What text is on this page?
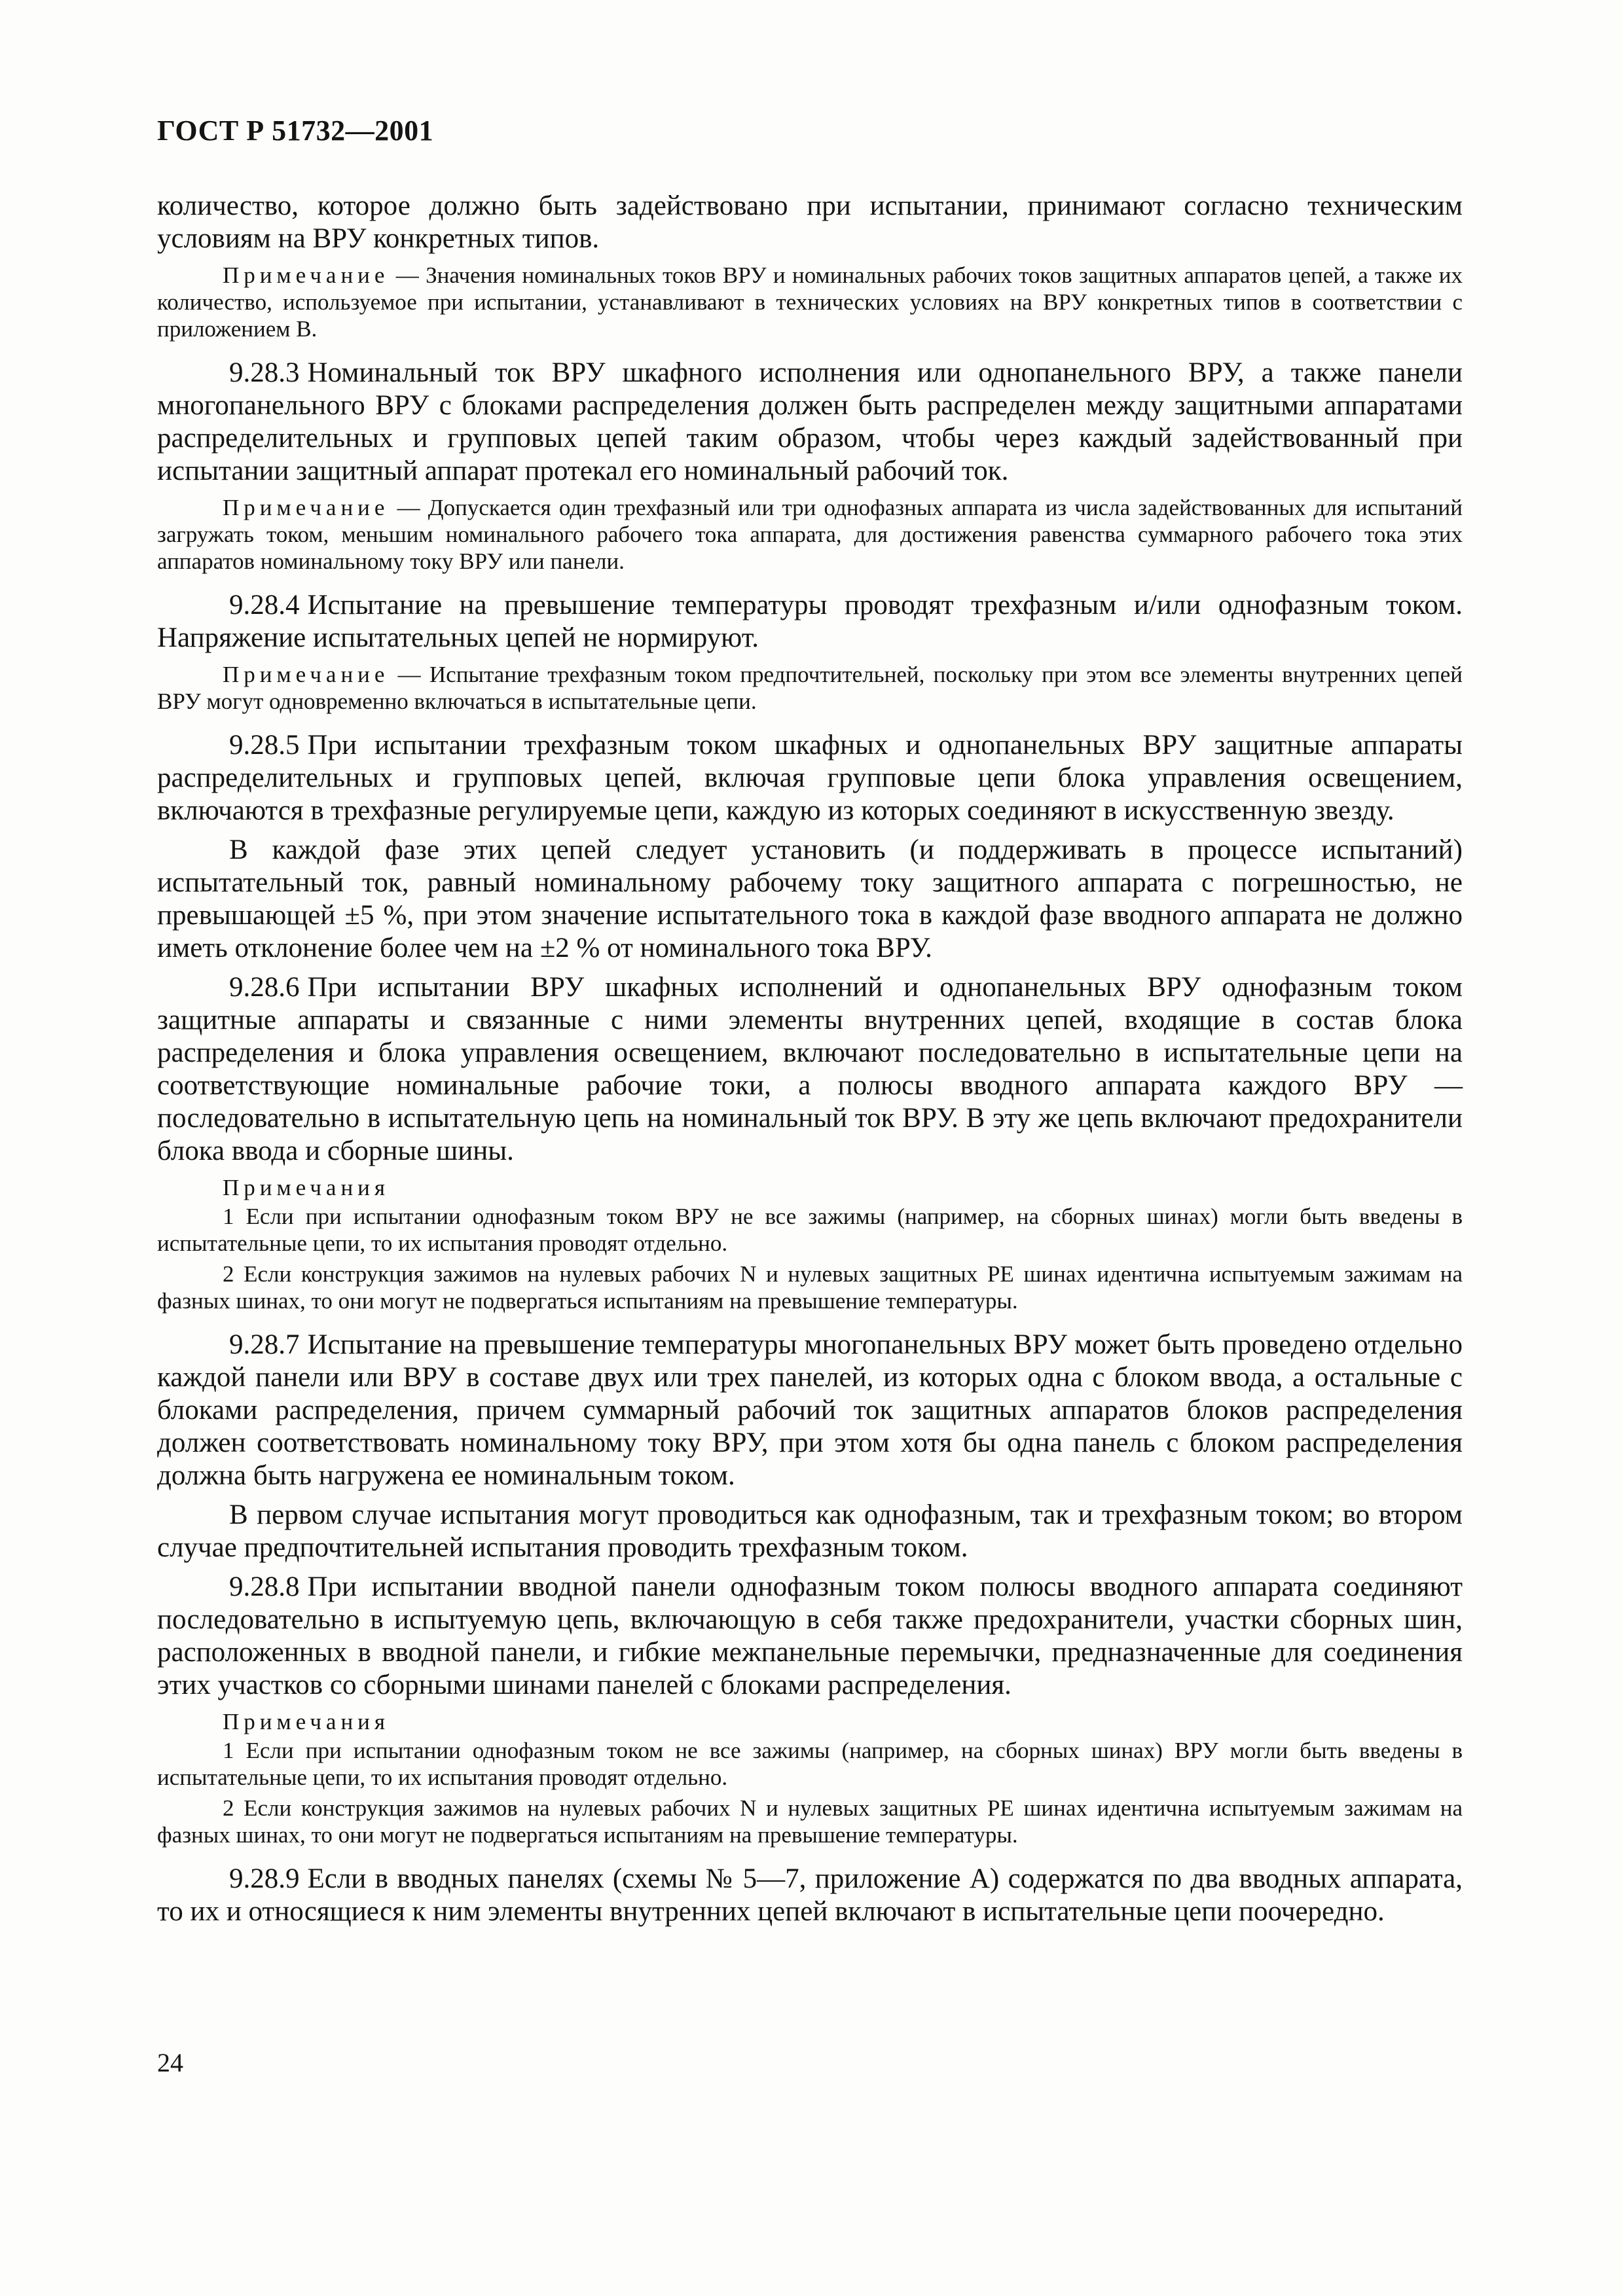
ГОСТ Р 51732—2001
количество, которое должно быть задействовано при испытании, принимают согласно техническим условиям на ВРУ конкретных типов.
Примечание — Значения номинальных токов ВРУ и номинальных рабочих токов защитных аппаратов цепей, а также их количество, используемое при испытании, устанавливают в технических условиях на ВРУ конкретных типов в соответствии с приложением В.
9.28.3 Номинальный ток ВРУ шкафного исполнения или однопанельного ВРУ, а также панели многопанельного ВРУ с блоками распределения должен быть распределен между защитными аппаратами распределительных и групповых цепей таким образом, чтобы через каждый задействованный при испытании защитный аппарат протекал его номинальный рабочий ток.
Примечание — Допускается один трехфазный или три однофазных аппарата из числа задействованных для испытаний загружать током, меньшим номинального рабочего тока аппарата, для достижения равенства суммарного рабочего тока этих аппаратов номинальному току ВРУ или панели.
9.28.4 Испытание на превышение температуры проводят трехфазным и/или однофазным током. Напряжение испытательных цепей не нормируют.
Примечание — Испытание трехфазным током предпочтительней, поскольку при этом все элементы внутренних цепей ВРУ могут одновременно включаться в испытательные цепи.
9.28.5 При испытании трехфазным током шкафных и однопанельных ВРУ защитные аппараты распределительных и групповых цепей, включая групповые цепи блока управления освещением, включаются в трехфазные регулируемые цепи, каждую из которых соединяют в искусственную звезду.
В каждой фазе этих цепей следует установить (и поддерживать в процессе испытаний) испытательный ток, равный номинальному рабочему току защитного аппарата с погрешностью, не превышающей ±5 %, при этом значение испытательного тока в каждой фазе вводного аппарата не должно иметь отклонение более чем на ±2 % от номинального тока ВРУ.
9.28.6 При испытании ВРУ шкафных исполнений и однопанельных ВРУ однофазным током защитные аппараты и связанные с ними элементы внутренних цепей, входящие в состав блока распределения и блока управления освещением, включают последовательно в испытательные цепи на соответствующие номинальные рабочие токи, а полюсы вводного аппарата каждого ВРУ — последовательно в испытательную цепь на номинальный ток ВРУ. В эту же цепь включают предохранители блока ввода и сборные шины.
Примечания
1 Если при испытании однофазным током ВРУ не все зажимы (например, на сборных шинах) могли быть введены в испытательные цепи, то их испытания проводят отдельно.
2 Если конструкция зажимов на нулевых рабочих N и нулевых защитных PE шинах идентична испытуемым зажимам на фазных шинах, то они могут не подвергаться испытаниям на превышение температуры.
9.28.7 Испытание на превышение температуры многопанельных ВРУ может быть проведено отдельно каждой панели или ВРУ в составе двух или трех панелей, из которых одна с блоком ввода, а остальные с блоками распределения, причем суммарный рабочий ток защитных аппаратов блоков распределения должен соответствовать номинальному току ВРУ, при этом хотя бы одна панель с блоком распределения должна быть нагружена ее номинальным током.
В первом случае испытания могут проводиться как однофазным, так и трехфазным током; во втором случае предпочтительней испытания проводить трехфазным током.
9.28.8 При испытании вводной панели однофазным током полюсы вводного аппарата соединяют последовательно в испытуемую цепь, включающую в себя также предохранители, участки сборных шин, расположенных в вводной панели, и гибкие межпанельные перемычки, предназначенные для соединения этих участков со сборными шинами панелей с блоками распределения.
Примечания
1 Если при испытании однофазным током не все зажимы (например, на сборных шинах) ВРУ могли быть введены в испытательные цепи, то их испытания проводят отдельно.
2 Если конструкция зажимов на нулевых рабочих N и нулевых защитных PE шинах идентична испытуемым зажимам на фазных шинах, то они могут не подвергаться испытаниям на превышение температуры.
9.28.9 Если в вводных панелях (схемы № 5—7, приложение А) содержатся по два вводных аппарата, то их и относящиеся к ним элементы внутренних цепей включают в испытательные цепи поочередно.
24
